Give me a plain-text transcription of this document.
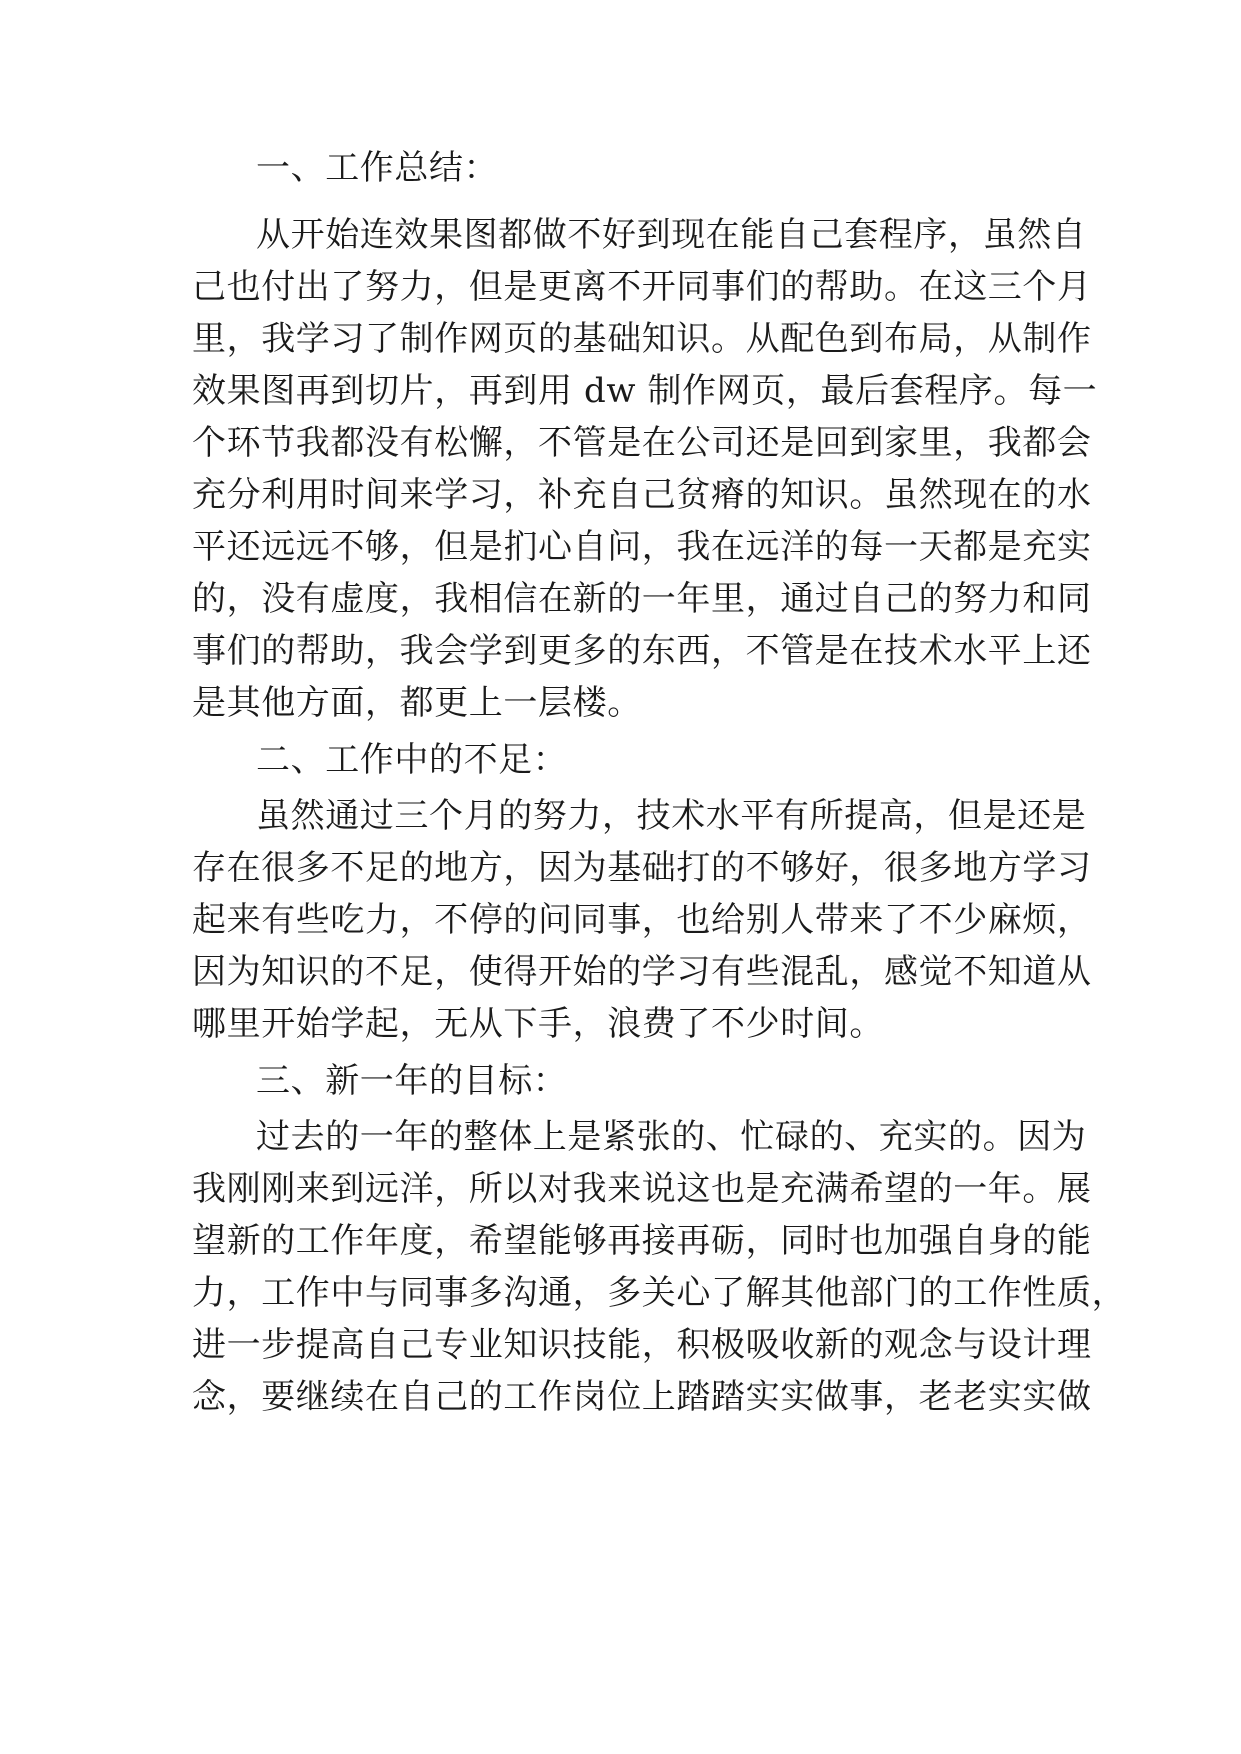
一、工作总结：
从开始连效果图都做不好到现在能自己套程序，虽然自
己也付出了努力，但是更离不开同事们的帮助。在这三个月
里，我学习了制作网页的基础知识。从配色到布局，从制作
效果图再到切片，再到用 dw 制作网页，最后套程序。每一
个环节我都没有松懈，不管是在公司还是回到家里，我都会
充分利用时间来学习，补充自己贫瘠的知识。虽然现在的水
平还远远不够，但是扪心自问，我在远洋的每一天都是充实
的，没有虚度，我相信在新的一年里，通过自己的努力和同
事们的帮助，我会学到更多的东西，不管是在技术水平上还
是其他方面，都更上一层楼。
二、工作中的不足：
虽然通过三个月的努力，技术水平有所提高，但是还是
存在很多不足的地方，因为基础打的不够好，很多地方学习
起来有些吃力，不停的问同事，也给别人带来了不少麻烦，
因为知识的不足，使得开始的学习有些混乱，感觉不知道从
哪里开始学起，无从下手，浪费了不少时间。
三、新一年的目标：
过去的一年的整体上是紧张的、忙碌的、充实的。因为
我刚刚来到远洋，所以对我来说这也是充满希望的一年。展
望新的工作年度，希望能够再接再砺，同时也加强自身的能
力，工作中与同事多沟通，多关心了解其他部门的工作性质，
进一步提高自己专业知识技能，积极吸收新的观念与设计理
念，要继续在自己的工作岗位上踏踏实实做事，老老实实做
